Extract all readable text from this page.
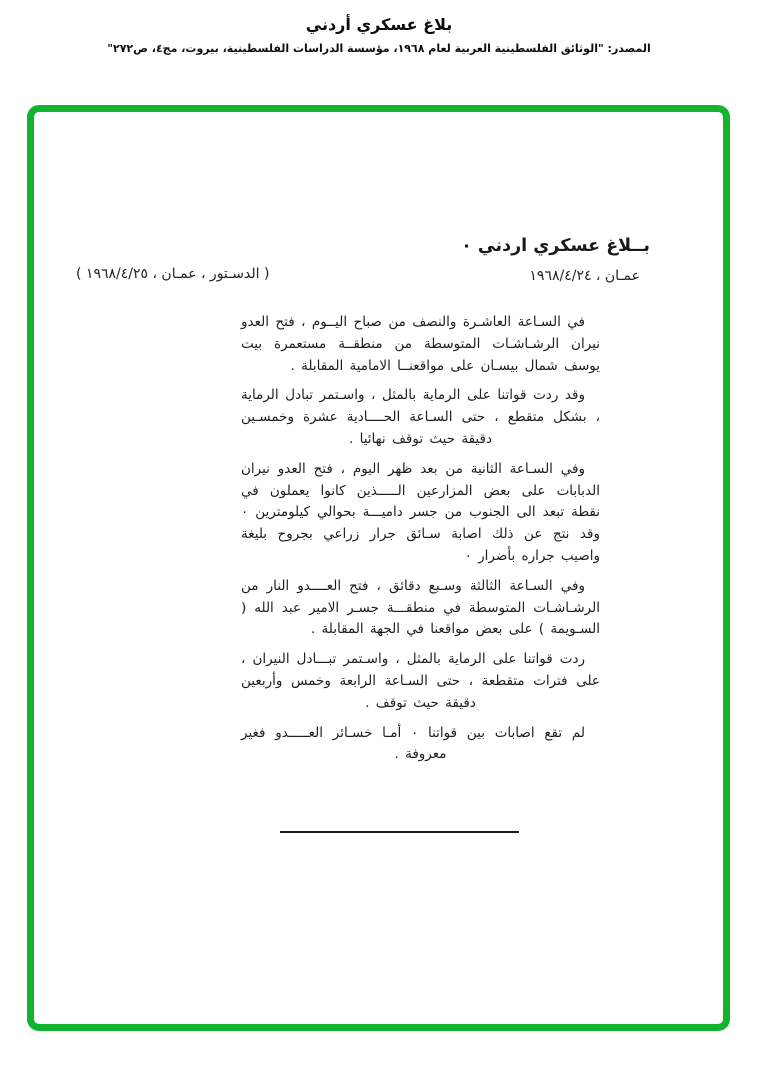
بلاغ عسكري أردني
المصدر: "الوثائق الفلسطينية العربية لعام ١٩٦٨، مؤسسة الدراسات الفلسطينية، بيروت، مج٤، ص٢٧٢"
بــلاغ عسكري اردني ٠
عمـان ، ١٩٦٨/٤/٢٤
( الدسـتور ، عمـان ، ١٩٦٨/٤/٢٥ )

في السـاعة العاشـرة والنصف من صباح اليــوم ، فتح العدو نيران الرشـاشـات المتوسطة من منطقــة مستعمرة بيت يوسف شمال بيسـان على مواقعنــا الامامية المقابلة .

وقد ردت قواتنا على الرماية بالمثل ، واسـتمر تبادل الرماية ، بشكل متقطع ، حتى السـاعة الحــــادية عشرة وخمسـين دقيقة حيث توقف نهائيا .

وفي السـاعة الثانية من بعد ظهر اليوم ، فتح العدو نيران الدبابات على بعض المزارعين الـــــذين كانوا يعملون في نقطة تبعد الى الجنوب من جسر داميـــة بحوالي كيلومترين ٠ وقد نتج عن ذلك اصابة سـائق جرار زراعي بجروح بليغة واصيب جراره بأضرار ٠

وفي السـاعة الثالثة وسـبع دقائق ، فتح العــــدو النار من الرشـاشـات المتوسطة في منطقـــة جسـر الامير عبد الله ( السـويمة ) على بعض مواقعنا في الجهة المقابلة .

ردت قواتنا على الرماية بالمثل ، واسـتمر تبـــادل النيران ، على فترات متقطعة ، حتى السـاعة الرابعة وخمس وأربعين دقيقة حيث توقف .

لم تقع اصابات بين قواتنا ٠ أمـا خسـائر العـــــدو فغير معروفة .
